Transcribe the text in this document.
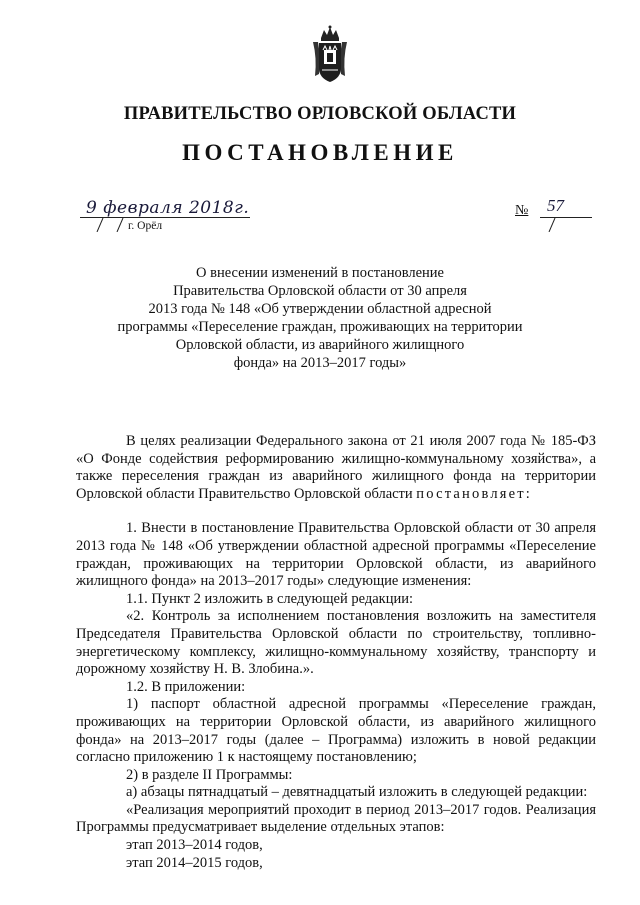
ПРАВИТЕЛЬСТВО ОРЛОВСКОЙ ОБЛАСТИ
ПОСТАНОВЛЕНИЕ
9 февраля 2018г.
г. Орёл
№ 57
О внесении изменений в постановление
Правительства Орловской области от 30 апреля
2013 года № 148 «Об утверждении областной адресной
программы «Переселение граждан, проживающих на территории
Орловской области, из аварийного жилищного
фонда» на 2013–2017 годы»
В целях реализации Федерального закона от 21 июля 2007 года № 185-ФЗ «О Фонде содействия реформированию жилищно-коммунальному хозяйства», а также переселения граждан из аварийного жилищного фонда на территории Орловской области Правительство Орловской области постановляет:
1. Внести в постановление Правительства Орловской области от 30 апреля 2013 года № 148 «Об утверждении областной адресной программы «Переселение граждан, проживающих на территории Орловской области, из аварийного жилищного фонда» на 2013–2017 годы» следующие изменения:
1.1. Пункт 2 изложить в следующей редакции:
«2. Контроль за исполнением постановления возложить на заместителя Председателя Правительства Орловской области по строительству, топливно-энергетическому комплексу, жилищно-коммунальному хозяйству, транспорту и дорожному хозяйству Н. В. Злобина.».
1.2. В приложении:
1) паспорт областной адресной программы «Переселение граждан, проживающих на территории Орловской области, из аварийного жилищного фонда» на 2013–2017 годы (далее – Программа) изложить в новой редакции согласно приложению 1 к настоящему постановлению;
2) в разделе II Программы:
а) абзацы пятнадцатый – девятнадцатый изложить в следующей редакции:
«Реализация мероприятий проходит в период 2013–2017 годов. Реализация Программы предусматривает выделение отдельных этапов:
этап 2013–2014 годов,
этап 2014–2015 годов,
